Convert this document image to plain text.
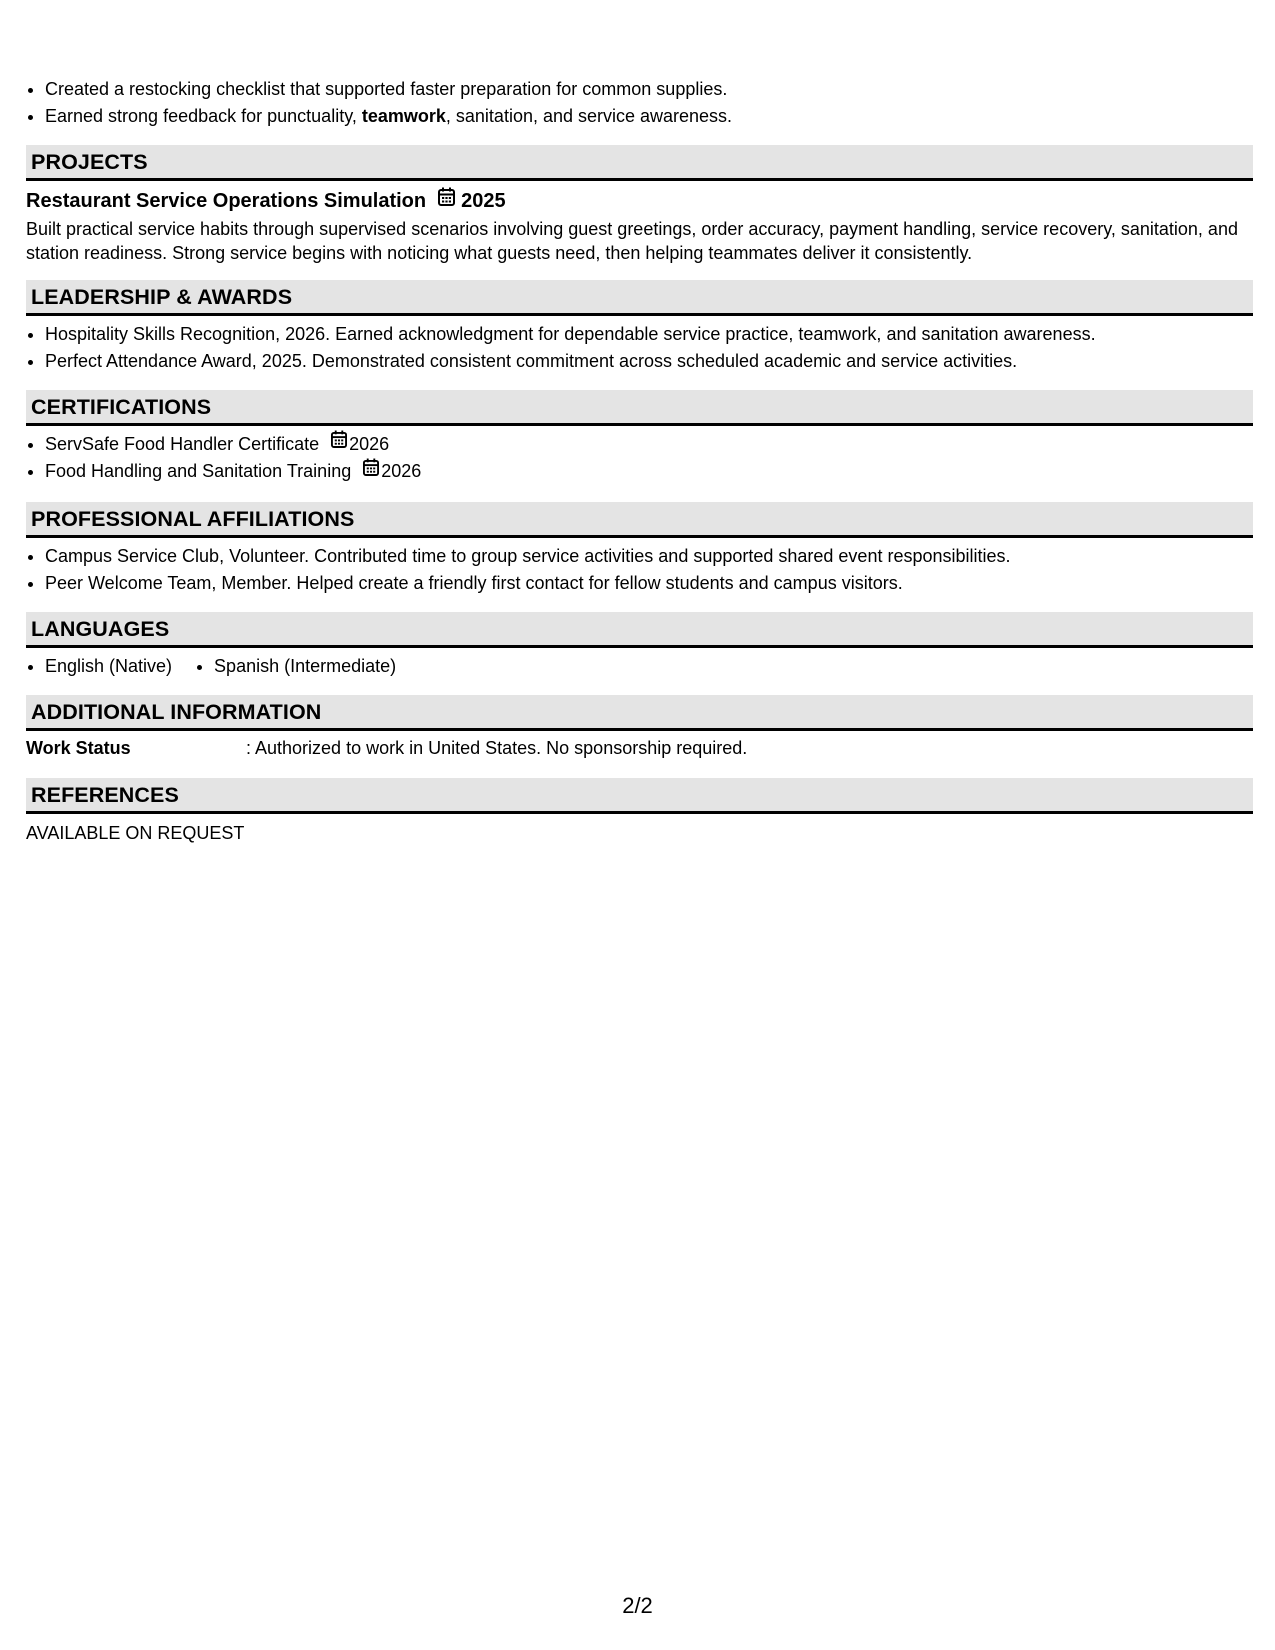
• Created a restocking checklist that supported faster preparation for common supplies.
• Earned strong feedback for punctuality, teamwork, sanitation, and service awareness.
PROJECTS
Restaurant Service Operations Simulation 2025
Built practical service habits through supervised scenarios involving guest greetings, order accuracy, payment handling, service recovery, sanitation, and station readiness. Strong service begins with noticing what guests need, then helping teammates deliver it consistently.
LEADERSHIP & AWARDS
• Hospitality Skills Recognition, 2026. Earned acknowledgment for dependable service practice, teamwork, and sanitation awareness.
• Perfect Attendance Award, 2025. Demonstrated consistent commitment across scheduled academic and service activities.
CERTIFICATIONS
• ServSafe Food Handler Certificate 2026
• Food Handling and Sanitation Training 2026
PROFESSIONAL AFFILIATIONS
• Campus Service Club, Volunteer. Contributed time to group service activities and supported shared event responsibilities.
• Peer Welcome Team, Member. Helped create a friendly first contact for fellow students and campus visitors.
LANGUAGES
• English (Native)
• Spanish (Intermediate)
ADDITIONAL INFORMATION
Work Status	: Authorized to work in United States. No sponsorship required.
REFERENCES
AVAILABLE ON REQUEST
2/2
